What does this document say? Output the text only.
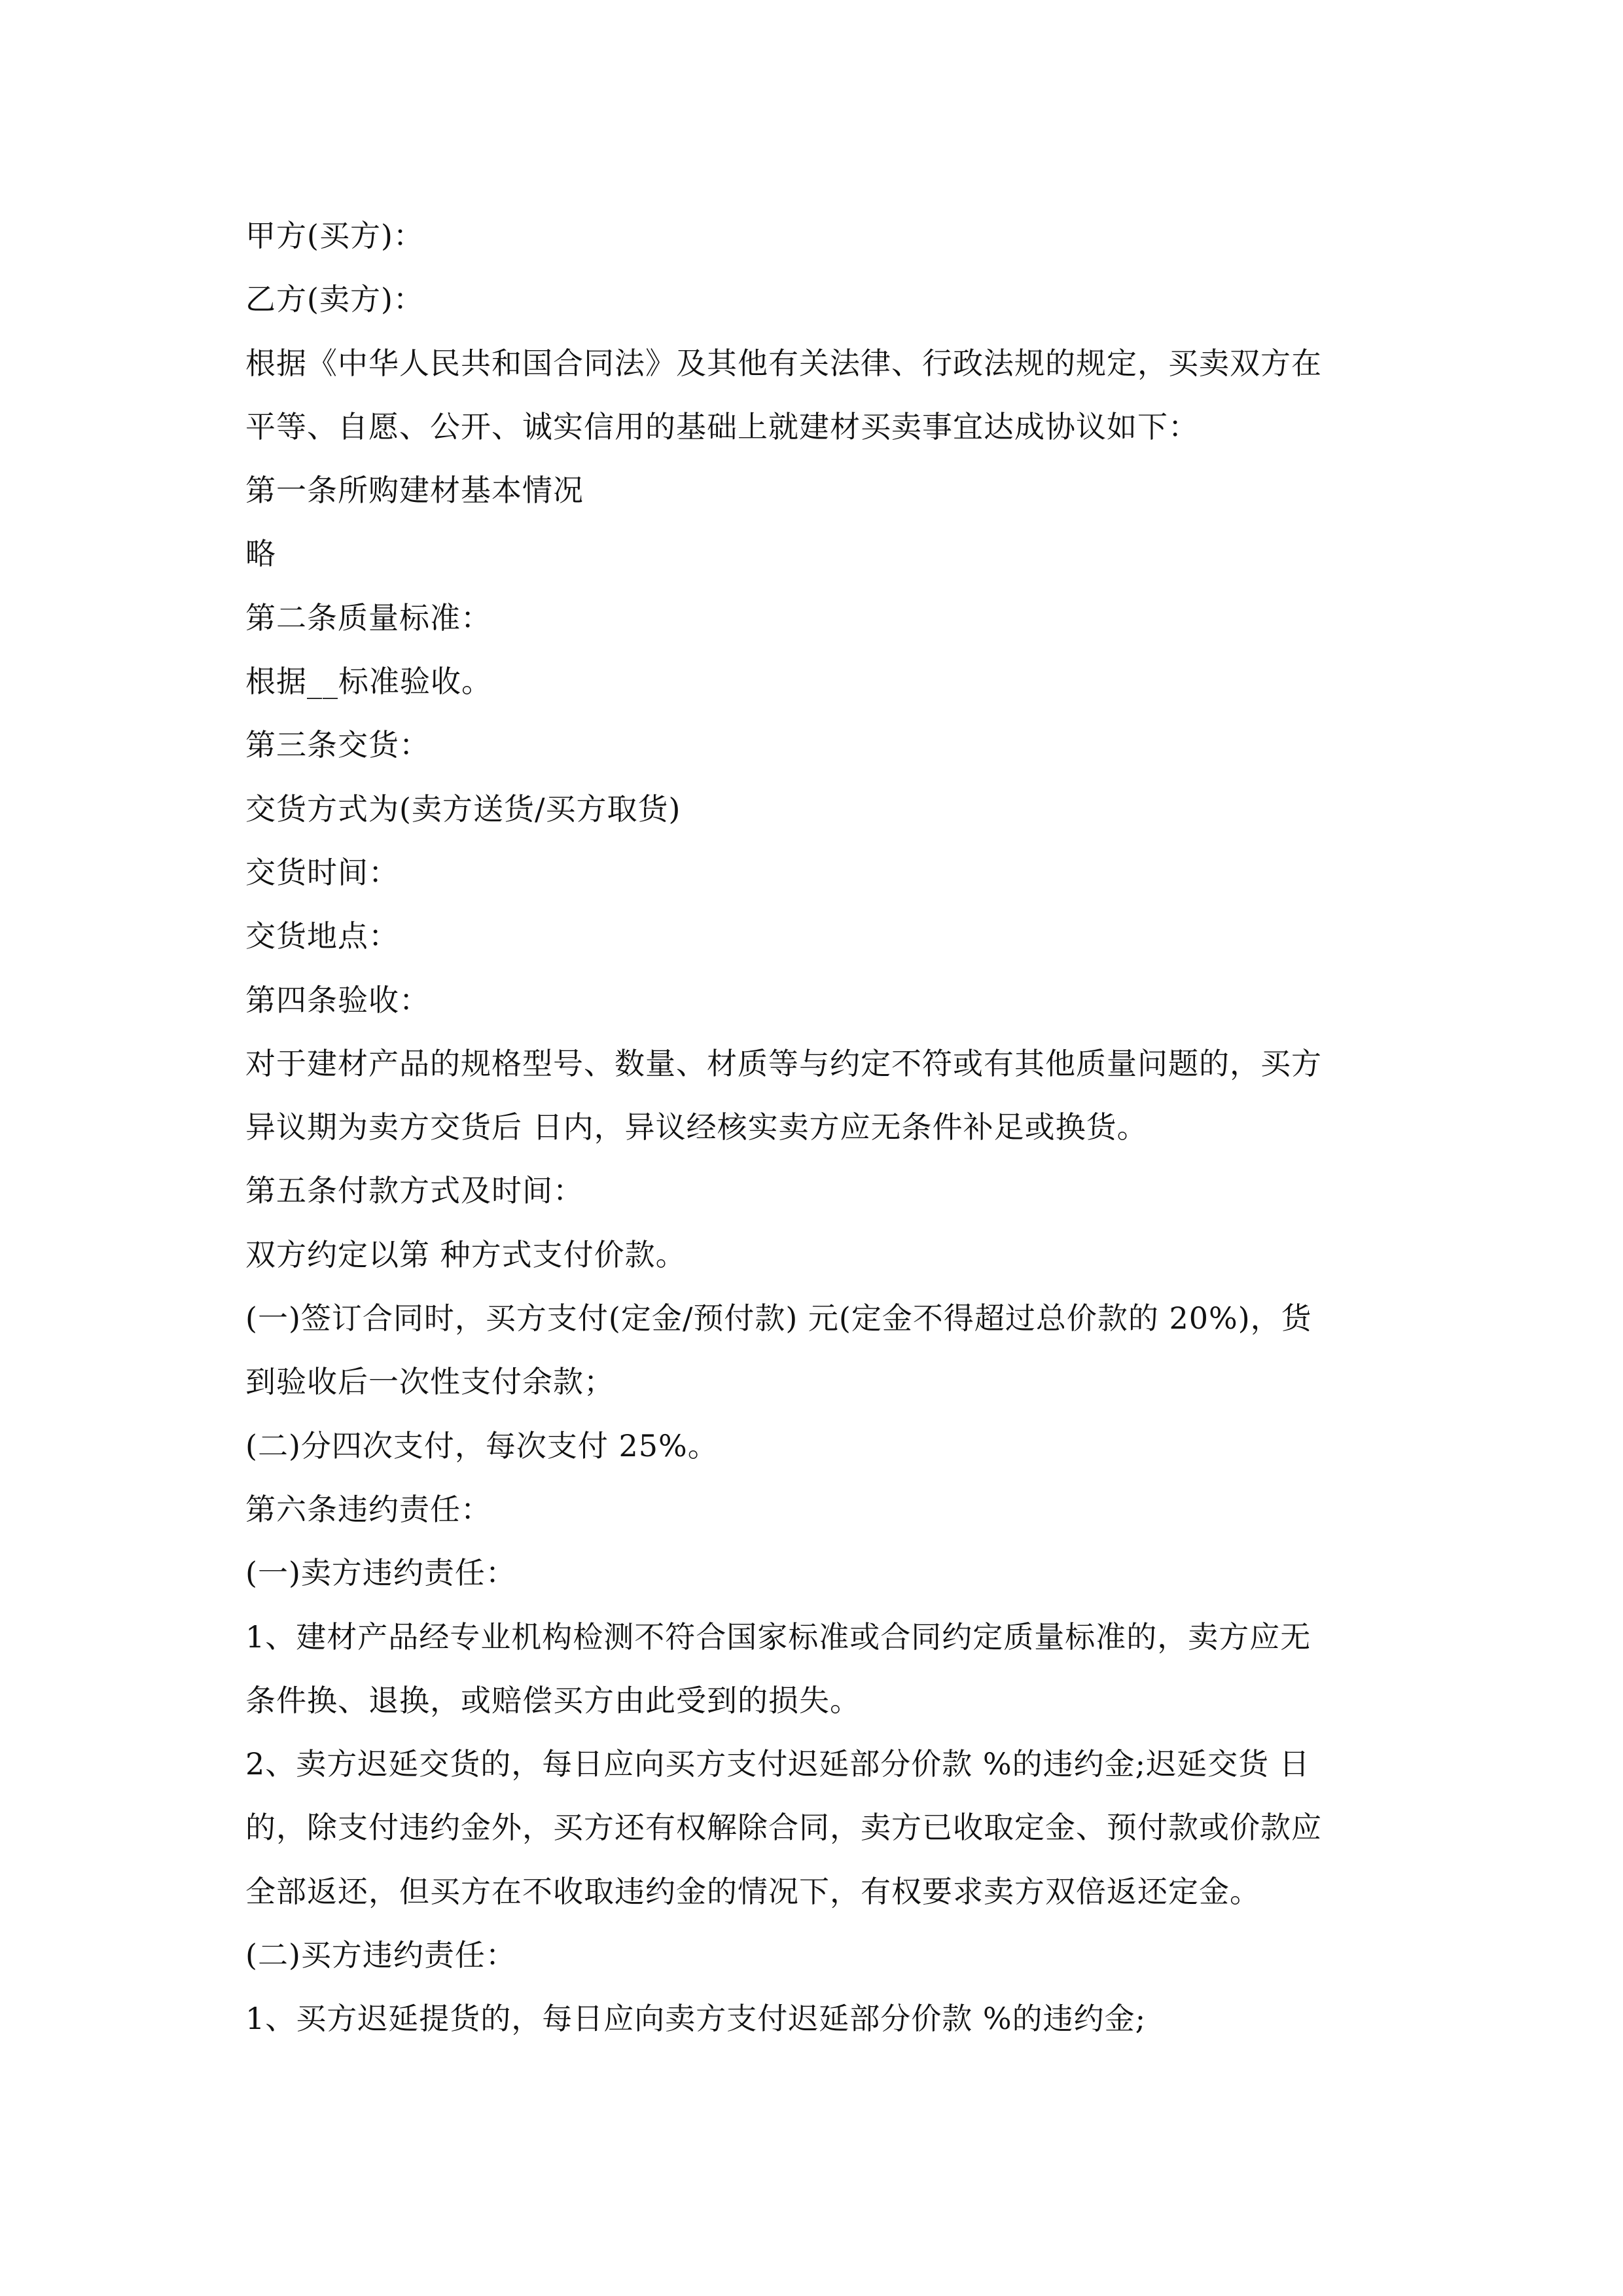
甲方(买方)：
乙方(卖方)：
根据《中华人民共和国合同法》及其他有关法律、行政法规的规定，买卖双方在
平等、自愿、公开、诚实信用的基础上就建材买卖事宜达成协议如下：
第一条所购建材基本情况
略
第二条质量标准：
根据__标准验收。
第三条交货：
交货方式为(卖方送货/买方取货)
交货时间：
交货地点：
第四条验收：
对于建材产品的规格型号、数量、材质等与约定不符或有其他质量问题的，买方
异议期为卖方交货后 日内，异议经核实卖方应无条件补足或换货。
第五条付款方式及时间：
双方约定以第 种方式支付价款。
(一)签订合同时，买方支付(定金/预付款) 元(定金不得超过总价款的 20%)，货
到验收后一次性支付余款；
(二)分四次支付，每次支付 25%。
第六条违约责任：
(一)卖方违约责任：
1、建材产品经专业机构检测不符合国家标准或合同约定质量标准的，卖方应无
条件换、退换，或赔偿买方由此受到的损失。
2、卖方迟延交货的，每日应向买方支付迟延部分价款 %的违约金;迟延交货 日
的，除支付违约金外，买方还有权解除合同，卖方已收取定金、预付款或价款应
全部返还，但买方在不收取违约金的情况下，有权要求卖方双倍返还定金。
(二)买方违约责任：
1、买方迟延提货的，每日应向卖方支付迟延部分价款 %的违约金;
